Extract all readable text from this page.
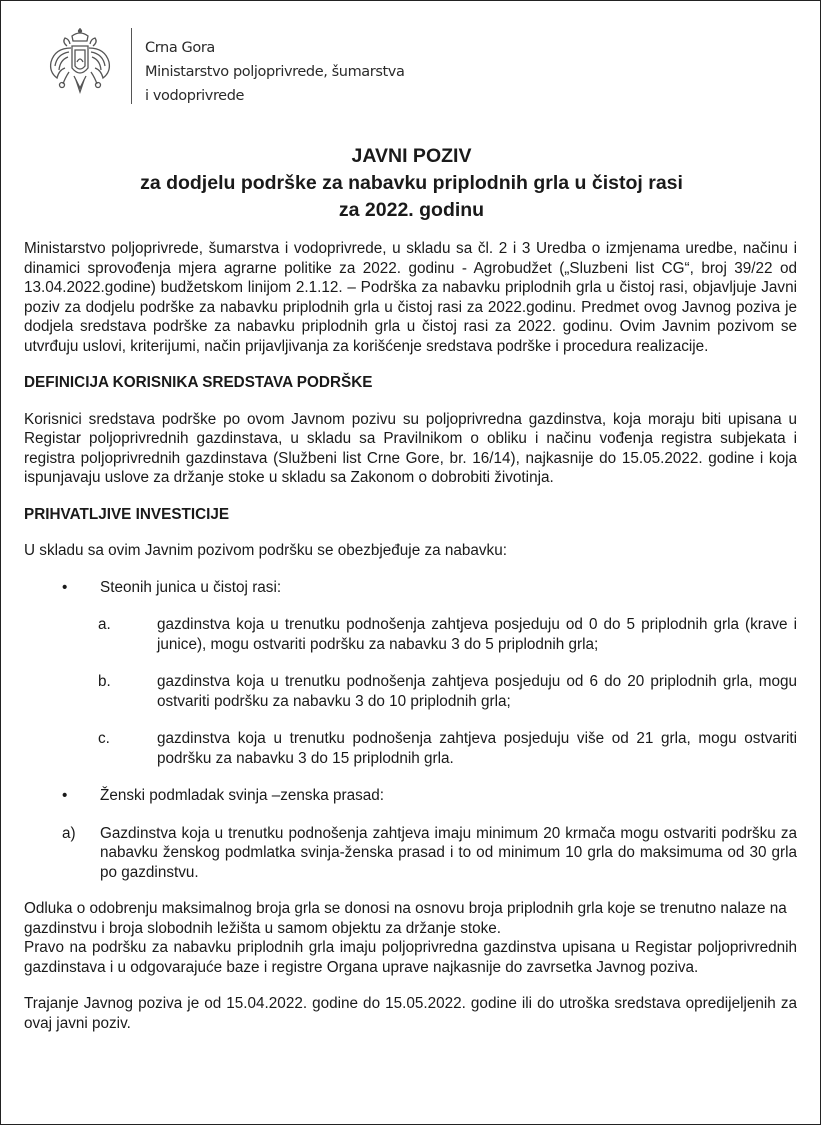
Crna Gora
Ministarstvo poljoprivrede, šumarstva
i vodoprivrede
JAVNI POZIV
za dodjelu podrške za nabavku priplodnih grla u čistoj rasi
za 2022. godinu

Ministarstvo poljoprivrede, šumarstva i vodoprivrede, u skladu sa čl. 2 i 3 Uredba o izmjenama uredbe, načinu i dinamici sprovođenja mjera agrarne politike za 2022. godinu - Agrobudžet („Sluzbeni list CG“, broj 39/22 od 13.04.2022.godine) budžetskom linijom 2.1.12. – Podrška za nabavku priplodnih grla u čistoj rasi, objavljuje Javni poziv za dodjelu podrške za nabavku priplodnih grla u čistoj rasi za 2022.godinu. Predmet ovog Javnog poziva je dodjela sredstava podrške za nabavku priplodnih grla u čistoj rasi za 2022. godinu. Ovim Javnim pozivom se utvrđuju uslovi, kriterijumi, način prijavljivanja za korišćenje sredstava podrške i procedura realizacije.

DEFINICIJA KORISNIKA SREDSTAVA PODRŠKE

Korisnici sredstava podrške po ovom Javnom pozivu su poljoprivredna gazdinstva, koja moraju biti upisana u Registar poljoprivrednih gazdinstava, u skladu sa Pravilnikom o obliku i načinu vođenja registra subjekata i registra poljoprivrednih gazdinstava (Službeni list Crne Gore, br. 16/14), najkasnije do 15.05.2022. godine i koja ispunjavaju uslove za držanje stoke u skladu sa Zakonom o dobrobiti životinja.

PRIHVATLJIVE INVESTICIJE

U skladu sa ovim Javnim pozivom podršku se obezbjeđuje za nabavku:

•	Steonih junica u čistoj rasi:
a.	gazdinstva koja u trenutku podnošenja zahtjeva posjeduju od 0 do 5 priplodnih grla (krave i junice), mogu ostvariti podršku za nabavku 3 do 5 priplodnih grla;
b.	gazdinstva koja u trenutku podnošenja zahtjeva posjeduju od 6 do 20 priplodnih grla, mogu ostvariti podršku za nabavku 3 do 10 priplodnih grla;
c.	gazdinstva koja u trenutku podnošenja zahtjeva posjeduju više od 21 grla, mogu ostvariti podršku za nabavku 3 do 15 priplodnih grla.
•	Ženski podmladak svinja –zenska prasad:
a)	Gazdinstva koja u trenutku podnošenja zahtjeva imaju minimum 20 krmača mogu ostvariti podršku za nabavku ženskog podmlatka svinja-ženska prasad i to od minimum 10 grla do maksimuma od 30 grla po gazdinstvu.

Odluka o odobrenju maksimalnog broja grla se donosi na osnovu broja priplodnih grla koje se trenutno nalaze na gazdinstvu i broja slobodnih ležišta u samom objektu za držanje stoke.

Pravo na podršku za nabavku priplodnih grla imaju poljoprivredna gazdinstva upisana u Registar poljoprivrednih gazdinstava i u odgovarajuće baze i registre Organa uprave najkasnije do zavrsetka Javnog poziva.

Trajanje Javnog poziva je od 15.04.2022. godine do 15.05.2022. godine ili do utroška sredstava opredijeljenih za ovaj javni poziv.
